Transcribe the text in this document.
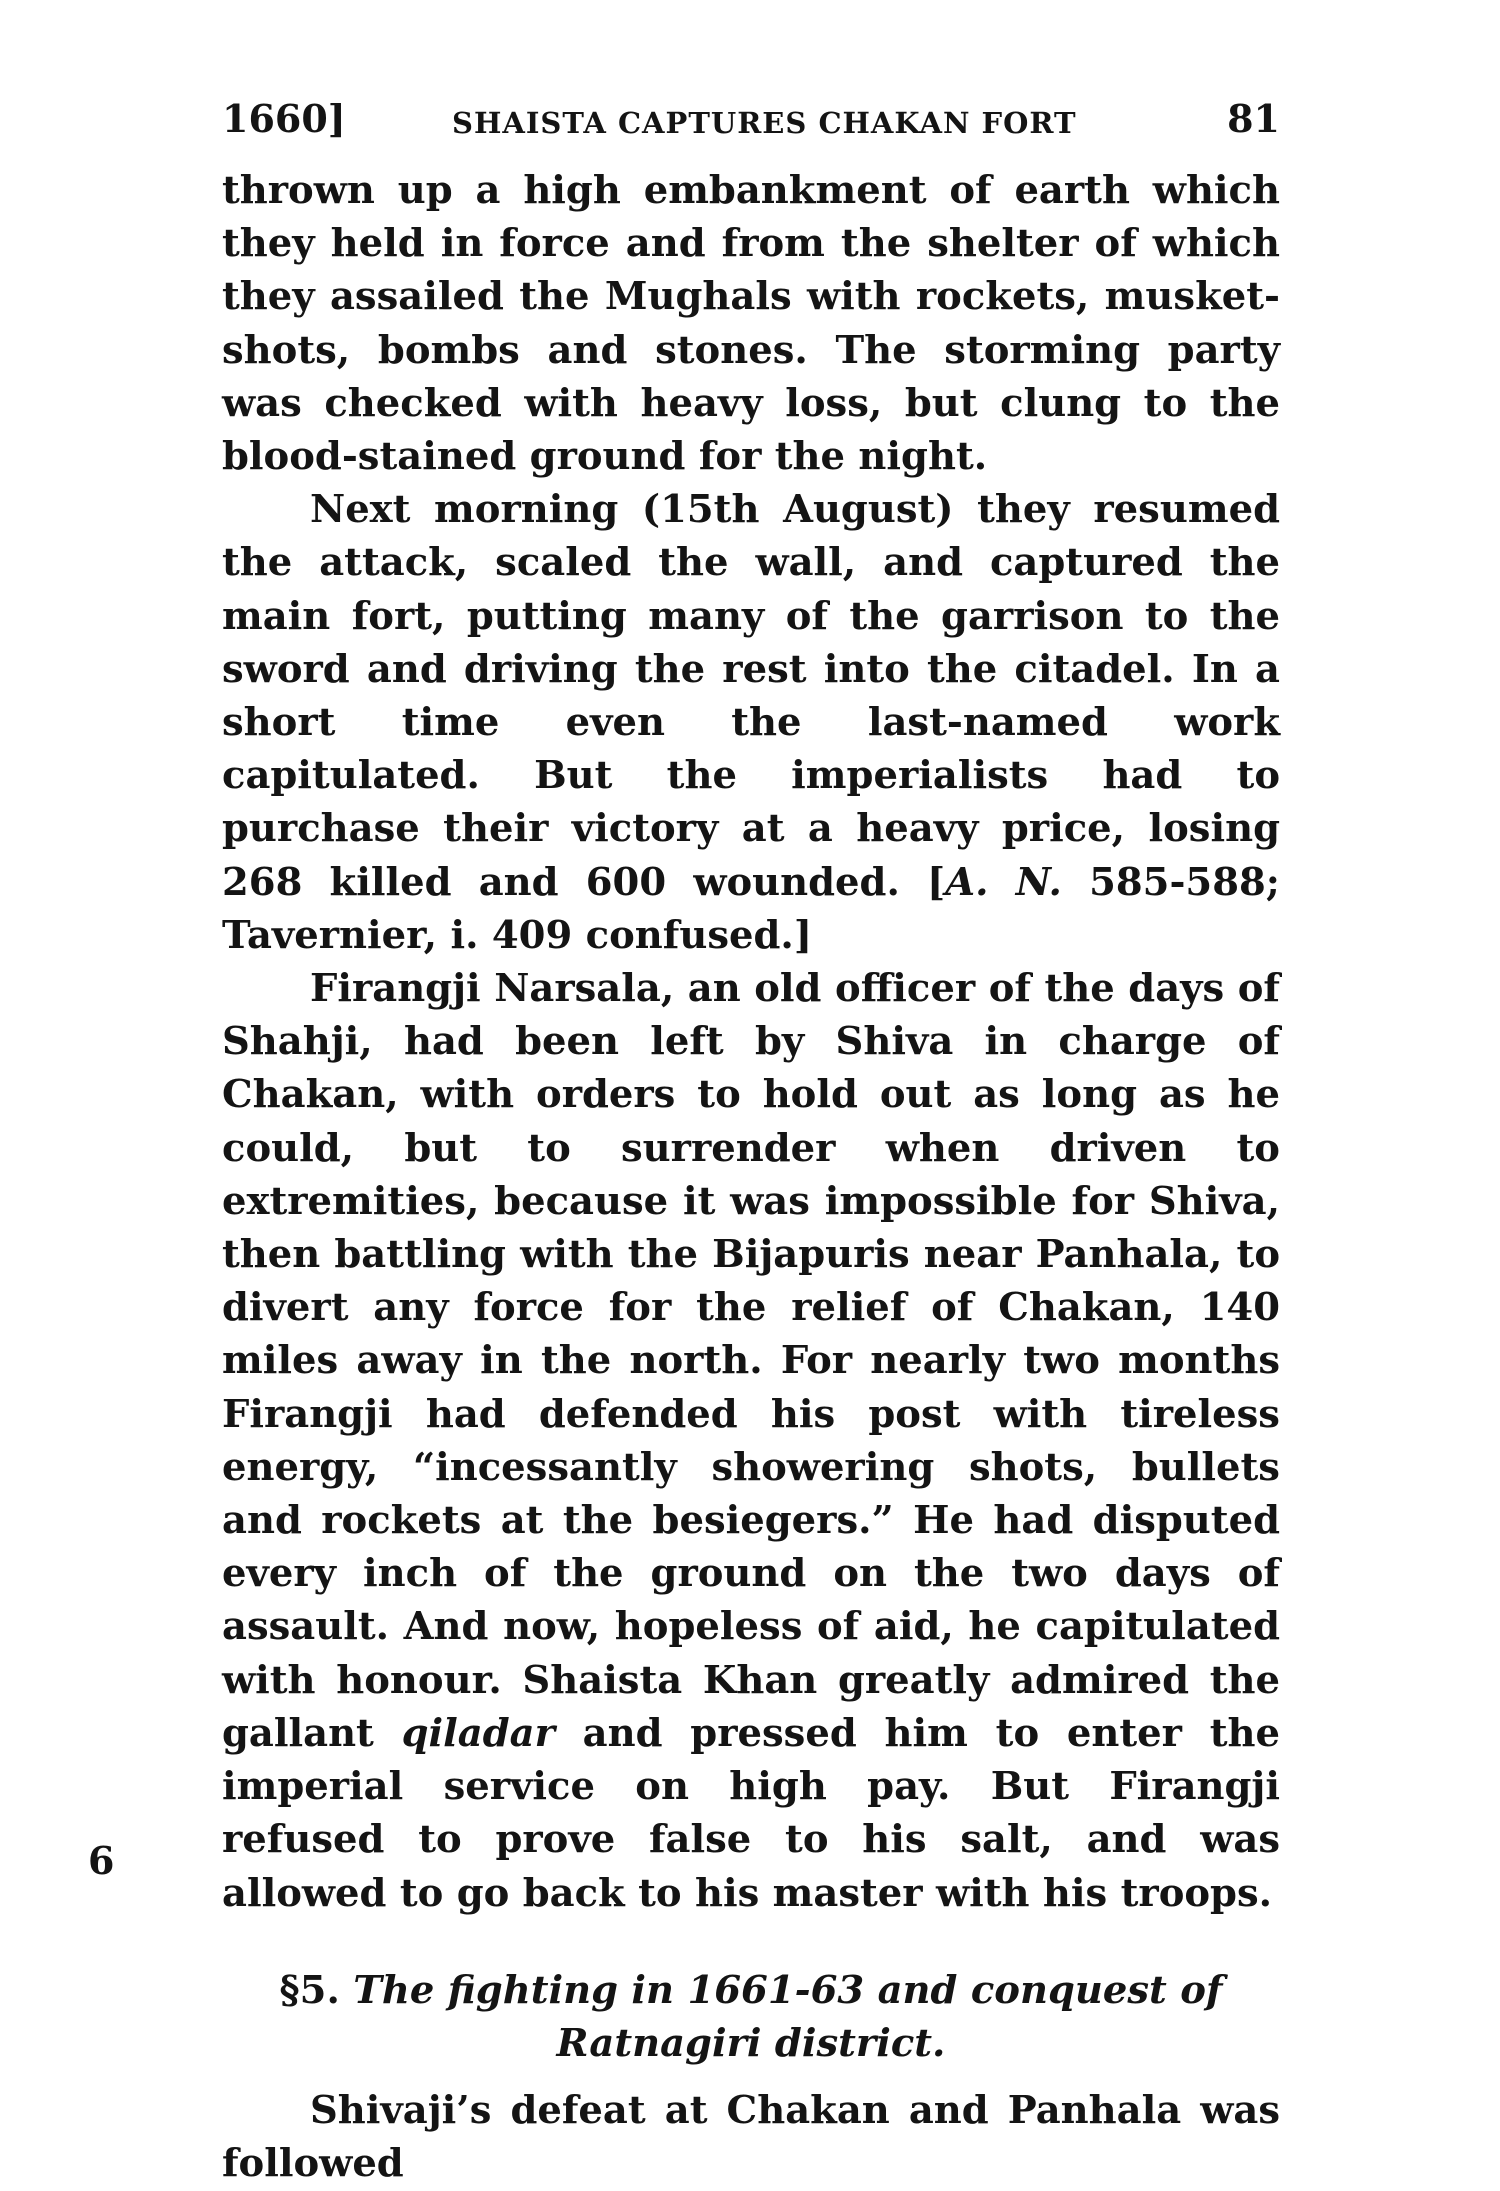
1660]	SHAISTA CAPTURES CHAKAN FORT	81

thrown up a high embankment of earth which they held in force and from the shelter of which they assailed the Mughals with rockets, musket-shots, bombs and stones. The storming party was checked with heavy loss, but clung to the blood-stained ground for the night.

Next morning (15th August) they resumed the attack, scaled the wall, and captured the main fort, putting many of the garrison to the sword and driving the rest into the citadel. In a short time even the last-named work capitulated. But the imperialists had to purchase their victory at a heavy price, losing 268 killed and 600 wounded. [A. N. 585-588; Tavernier, i. 409 confused.]

Firangji Narsala, an old officer of the days of Shahji, had been left by Shiva in charge of Chakan, with orders to hold out as long as he could, but to surrender when driven to extremities, because it was impossible for Shiva, then battling with the Bijapuris near Panhala, to divert any force for the relief of Chakan, 140 miles away in the north. For nearly two months Firangji had defended his post with tireless energy, “incessantly showering shots, bullets and rockets at the besiegers.” He had disputed every inch of the ground on the two days of assault. And now, hopeless of aid, he capitulated with honour. Shaista Khan greatly admired the gallant qiladar and pressed him to enter the imperial service on high pay. But Firangji refused to prove false to his salt, and was allowed to go back to his master with his troops.

§5. The fighting in 1661-63 and conquest of Ratnagiri district.

Shivaji’s defeat at Chakan and Panhala was followed

6
